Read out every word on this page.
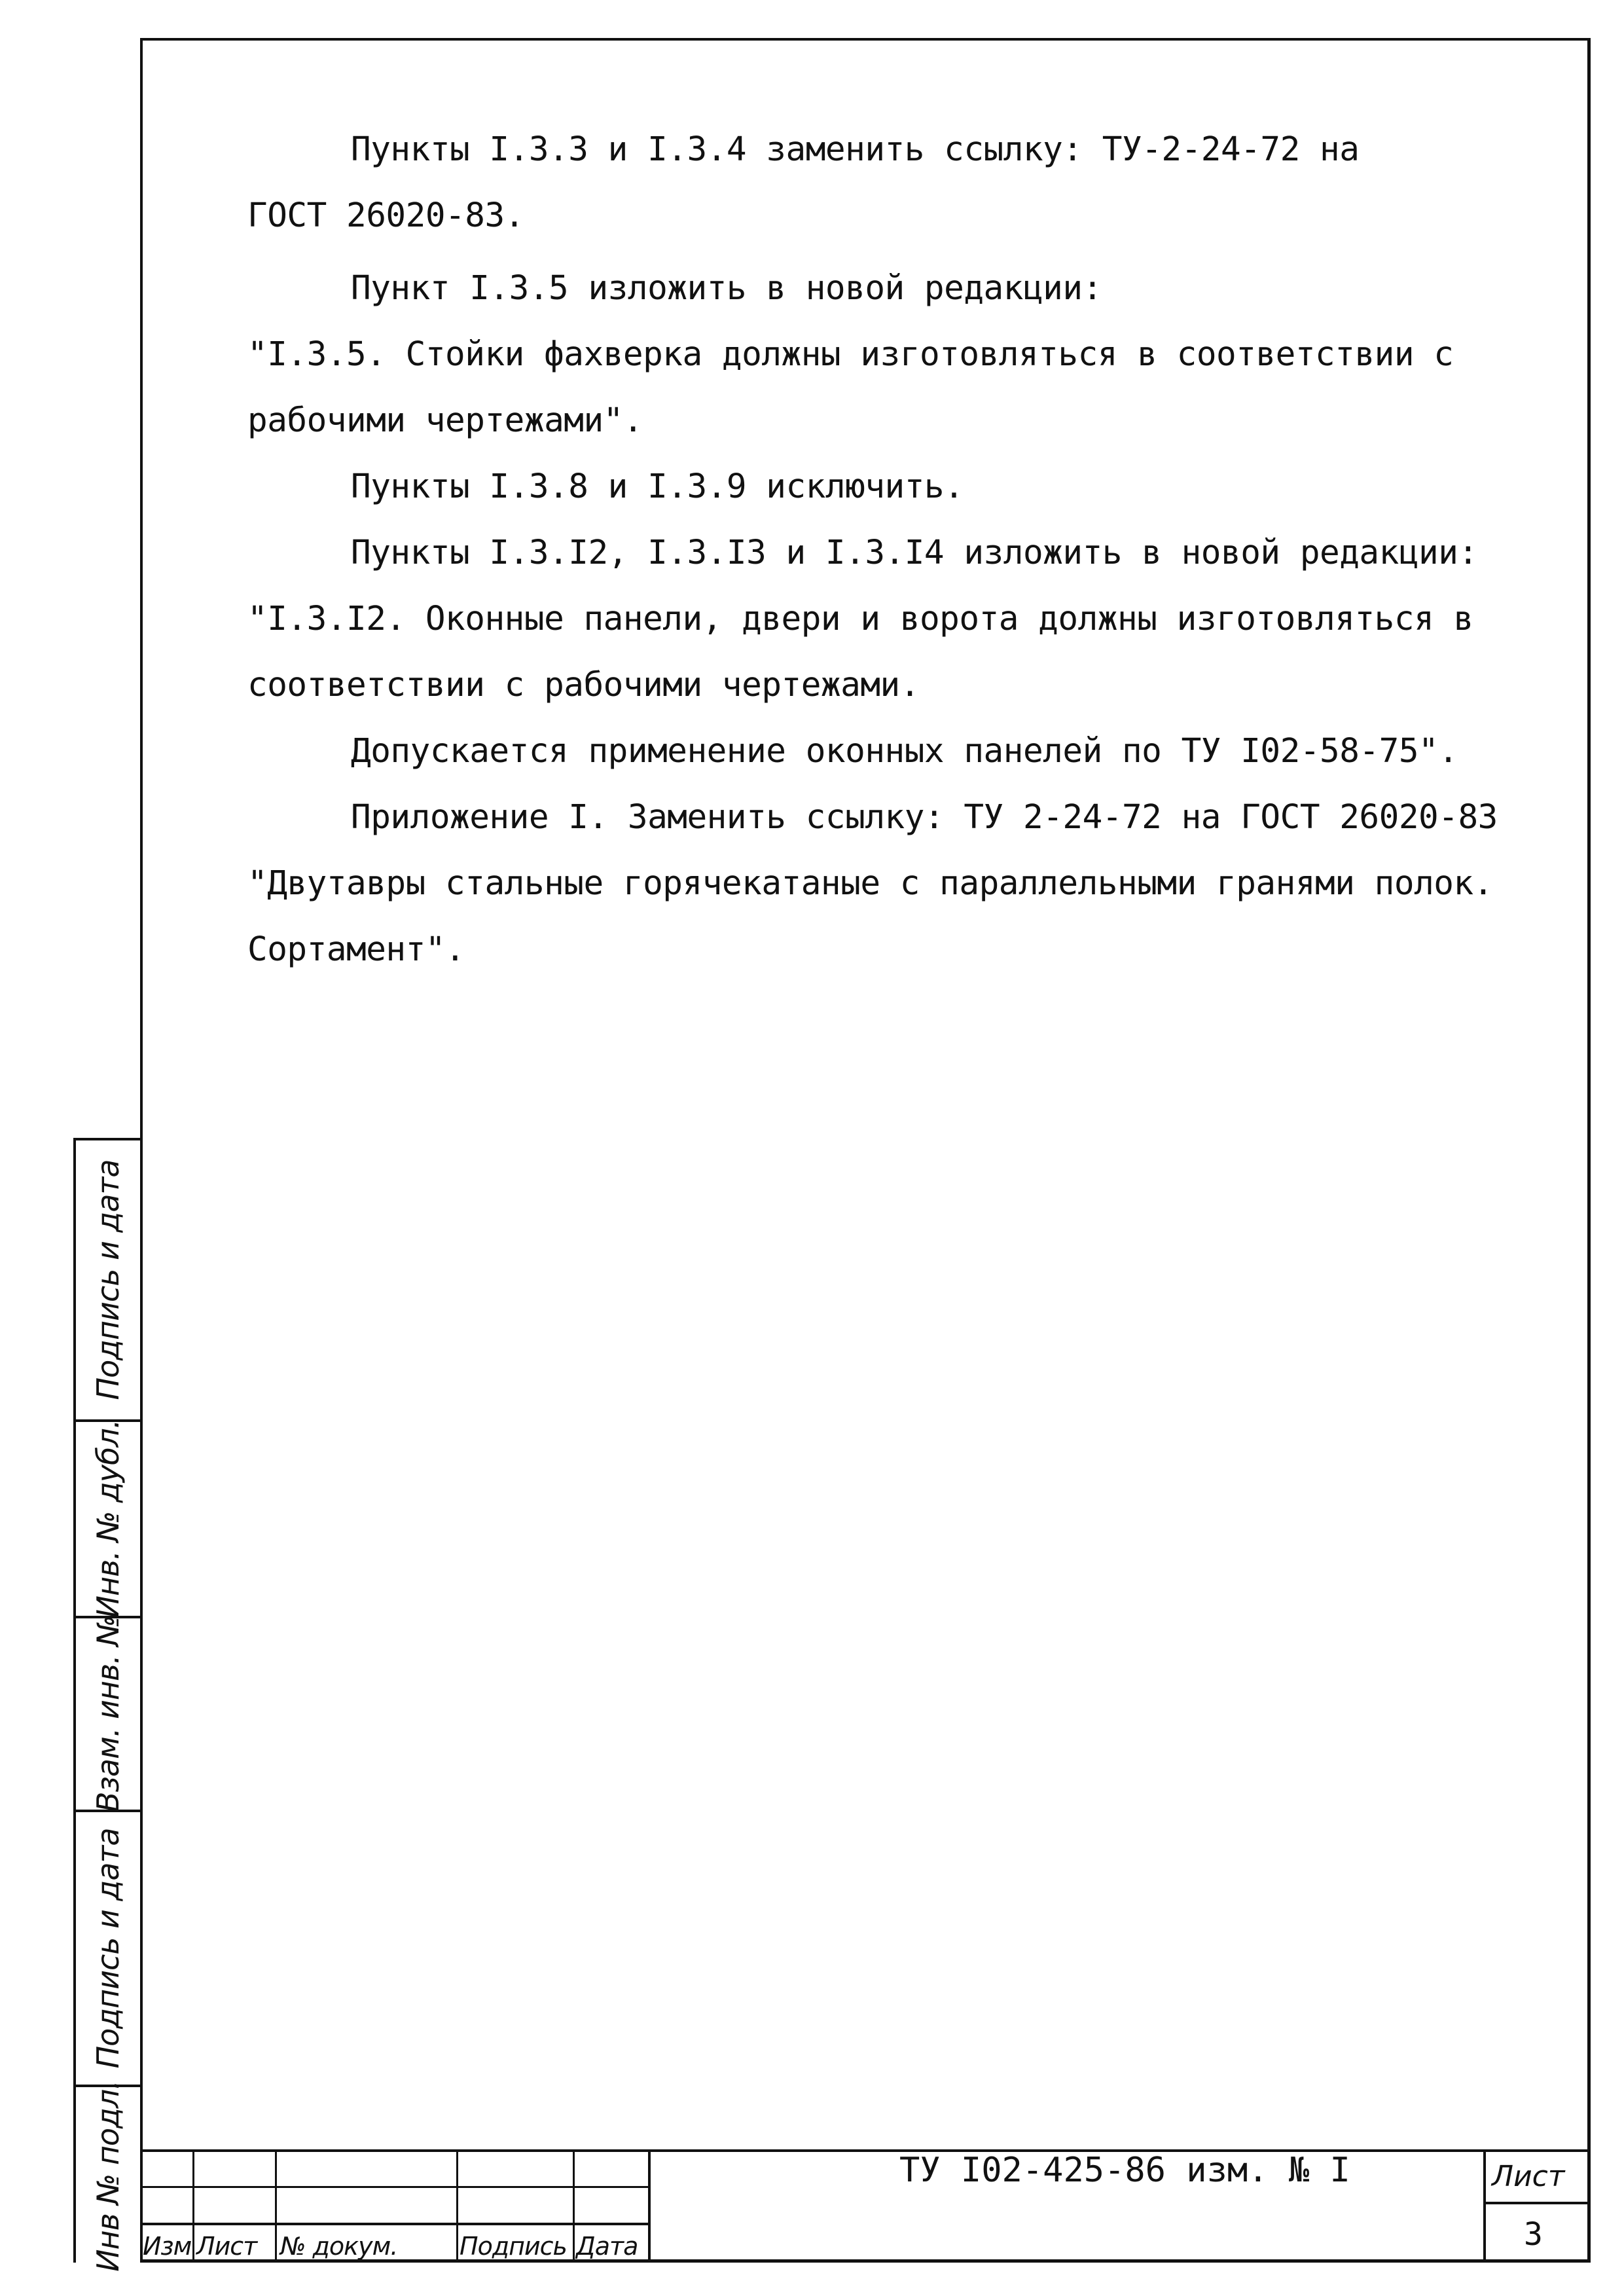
Пункты I.3.3 и I.3.4 заменить ссылку: ТУ-2-24-72 на

ГОСТ 26020-83.

Пункт I.3.5 изложить в новой редакции:

"I.3.5. Стойки фахверка должны изготовляться в соответствии с

рабочими чертежами".

Пункты I.3.8 и I.3.9 исключить.

Пункты I.3.I2, I.3.I3 и I.3.I4 изложить в новой редакции:

"I.3.I2. Оконные панели, двери и ворота должны изготовляться в

соответствии с рабочими чертежами.

Допускается применение оконных панелей по ТУ I02-58-75".

Приложение I. Заменить ссылку: ТУ 2-24-72 на ГОСТ 26020-83

"Двутавры стальные горячекатаные с параллельными гранями полок.

Сортамент".

Подпись и дата
Инв. № дубл.
Взам. инв. №
Подпись и дата
Инв № подл. Изм Лист № докум. Подпись Дата
ТУ I02-425-86 изм. № I	Лист
3
